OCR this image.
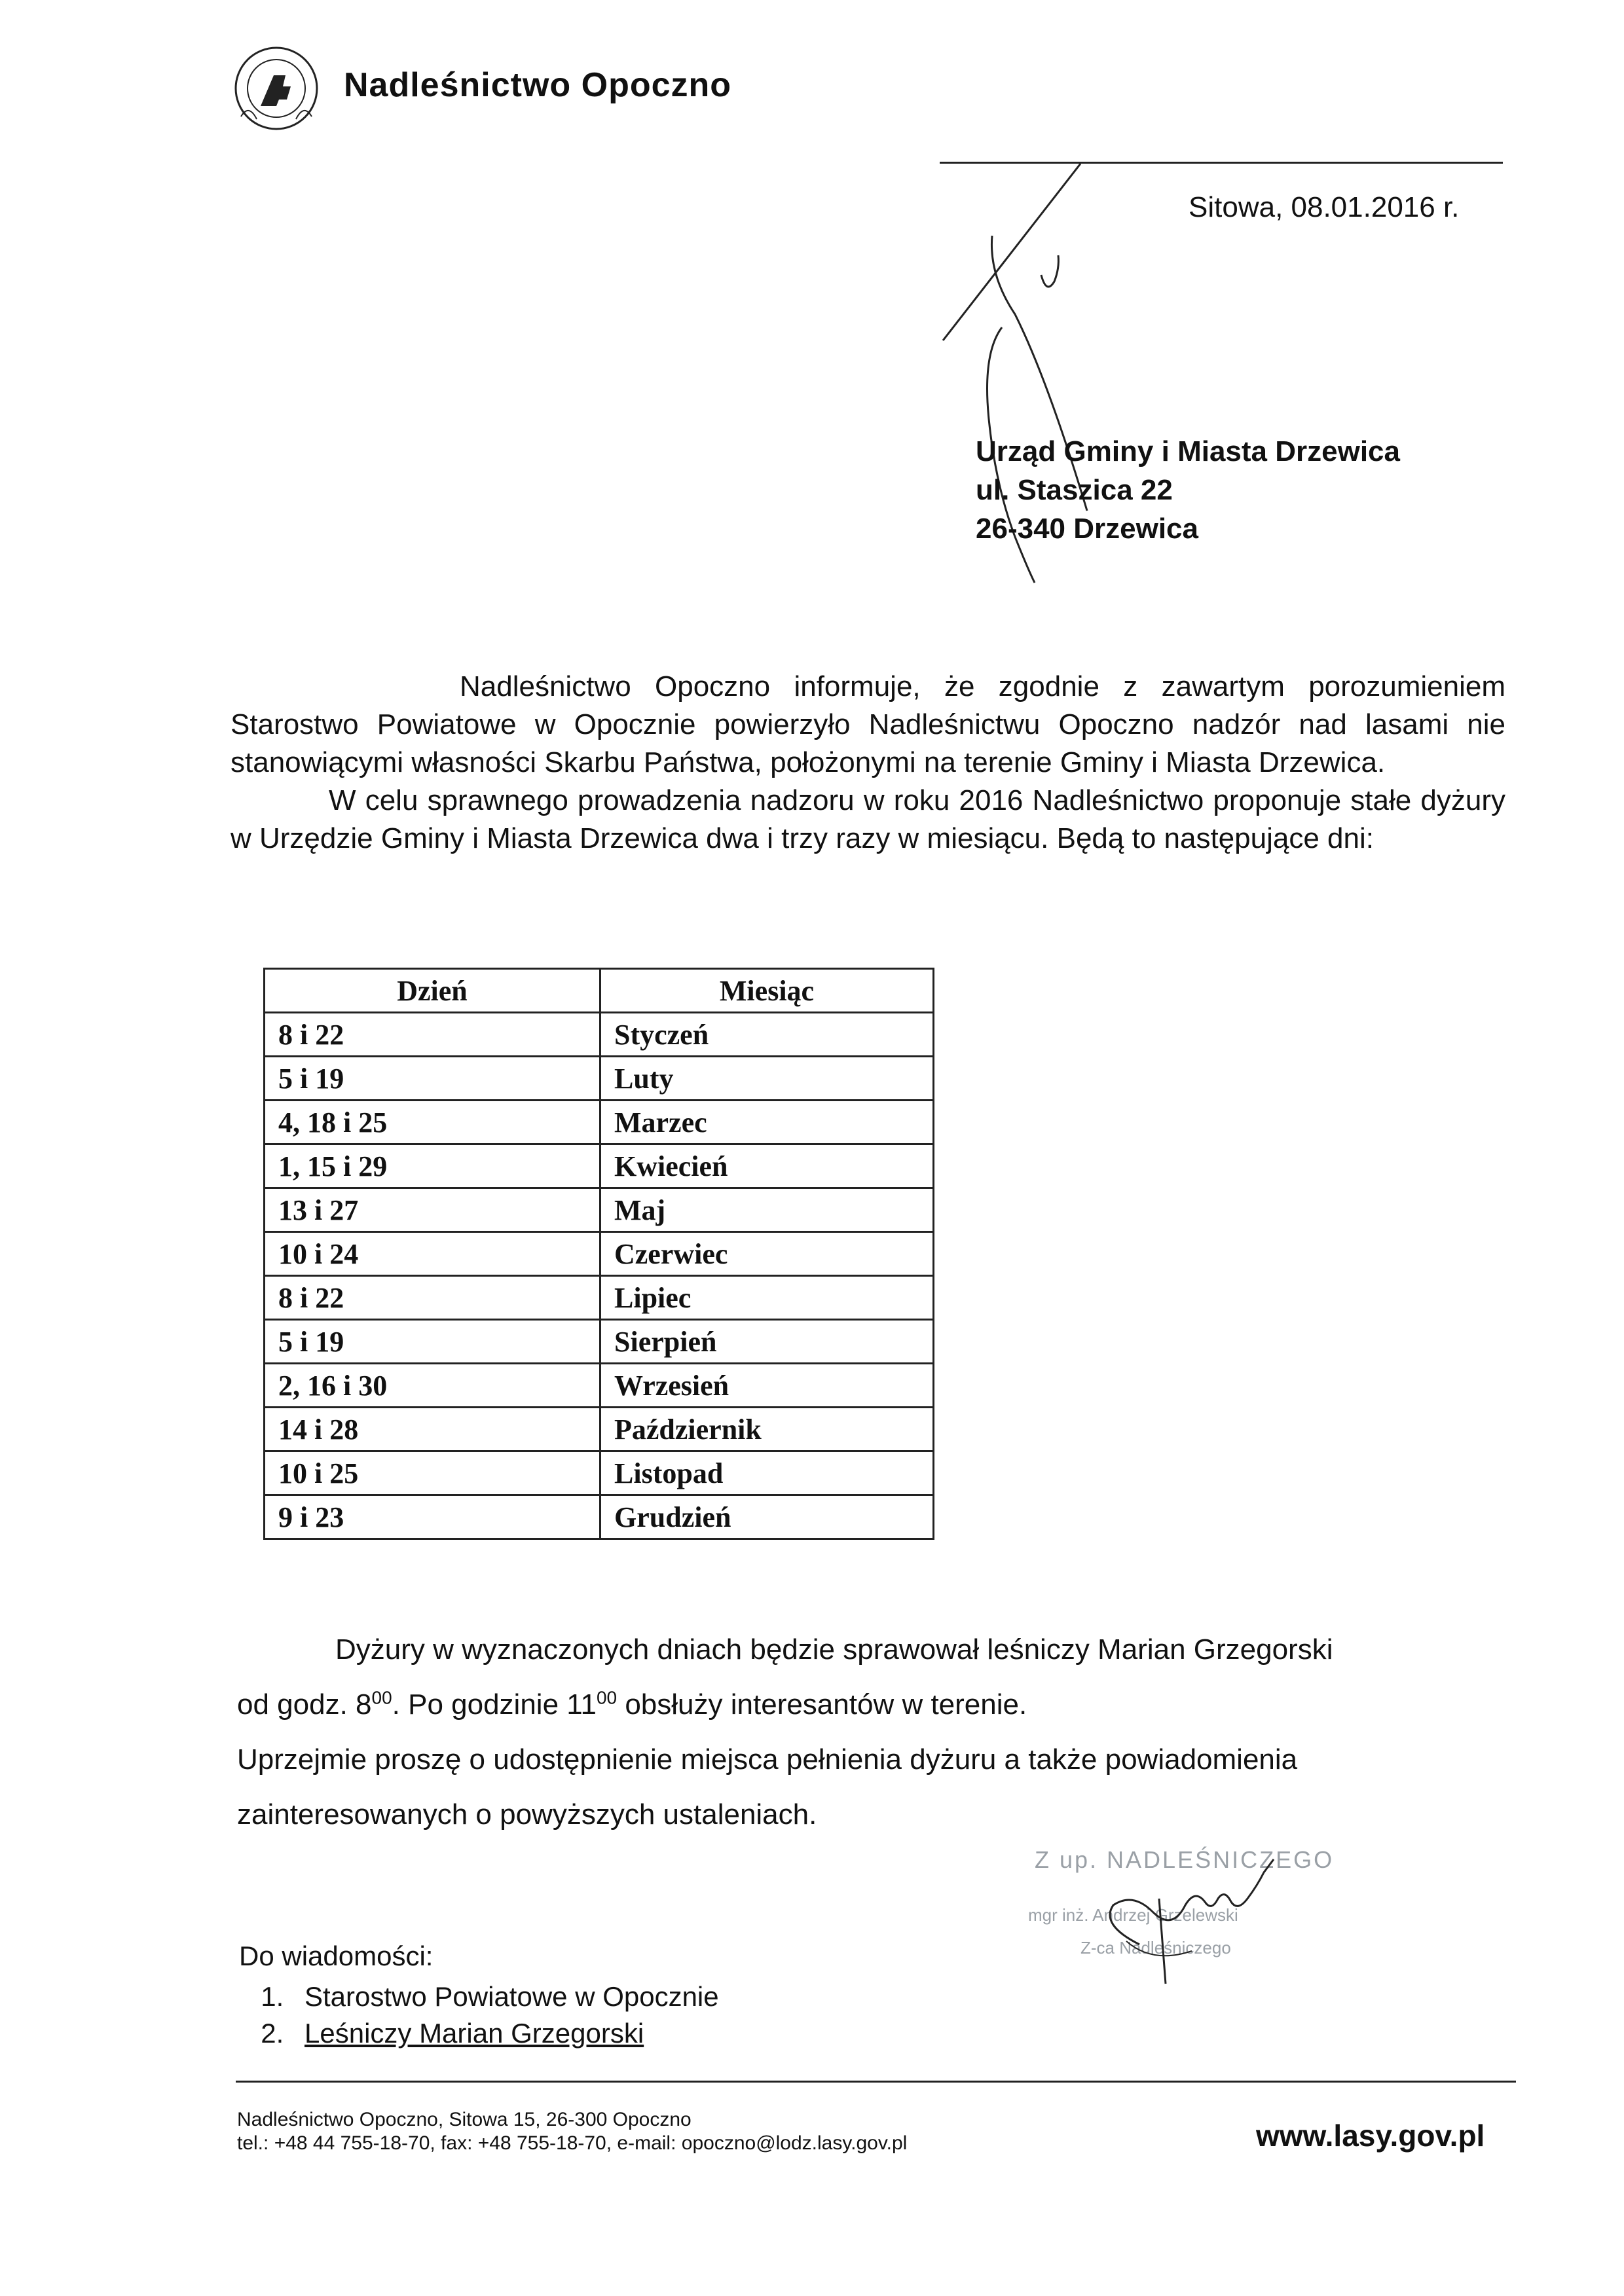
Nadleśnictwo Opoczno
Sitowa, 08.01.2016 r.
Urząd Gminy i Miasta Drzewica
ul. Staszica 22
26-340 Drzewica

Nadleśnictwo Opoczno informuje, że zgodnie z zawartym porozumieniem Starostwo Powiatowe w Opocznie powierzyło Nadleśnictwu Opoczno nadzór nad lasami nie stanowiącymi własności Skarbu Państwa, położonymi na terenie Gminy i Miasta Drzewica.

W celu sprawnego prowadzenia nadzoru w roku 2016 Nadleśnictwo proponuje stałe dyżury w Urzędzie Gminy i Miasta Drzewica dwa i trzy razy w miesiącu. Będą to następujące dni:

Dzień	Miesiąc
8 i 22	Styczeń
5 i 19	Luty
4, 18 i 25	Marzec
1, 15 i 29	Kwiecień
13 i 27	Maj
10 i 24	Czerwiec
8 i 22	Lipiec
5 i 19	Sierpień
2, 16 i 30	Wrzesień
14 i 28	Październik
10 i 25	Listopad
9 i 23	Grudzień

Dyżury w wyznaczonych dniach będzie sprawował leśniczy Marian Grzegorski

od godz. $8^{00}$. Po godzinie $11^{00}$ obsłuży interesantów w terenie.

Uprzejmie proszę o udostępnienie miejsca pełnienia dyżuru a także powiadomienia zainteresowanych o powyższych ustaleniach.

Z up. NADLEŚNICZEGO
mgr inż. Andrzej Grzelewski
Z-ca Nadleśniczego
Do wiadomości:
1. Starostwo Powiatowe w Opocznie
2. Leśniczy Marian Grzegorski
Nadleśnictwo Opoczno, Sitowa 15, 26-300 Opoczno
tel.: +48 44 755-18-70, fax: +48 755-18-70, e-mail: opoczno@lodz.lasy.gov.pl	www.lasy.gov.pl
